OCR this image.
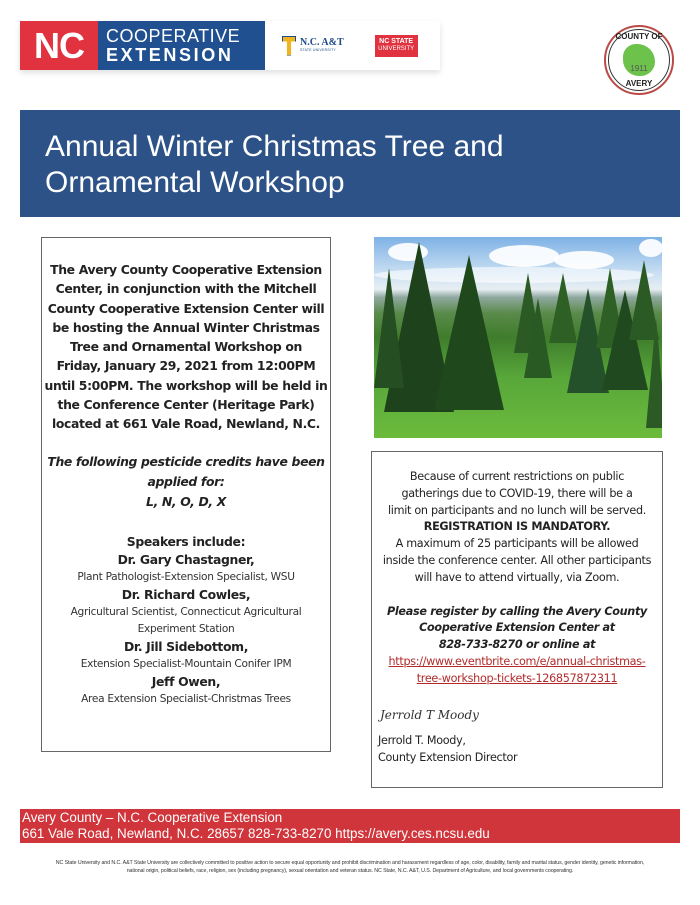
NC COOPERATIVE
EXTENSION
N.C. A&T
STATE UNIVERSITY
NC STATE
UNIVERSITY
COUNTY OF
1911
AVERY
Annual Winter Christmas Tree and
Ornamental Workshop
The Avery County Cooperative Extension
Center, in conjunction with the Mitchell
County Cooperative Extension Center will
be hosting the Annual Winter Christmas
Tree and Ornamental Workshop on
Friday, January 29, 2021 from 12:00PM
until 5:00PM. The workshop will be held in
the Conference Center (Heritage Park)
located at 661 Vale Road, Newland, N.C.
The following pesticide credits have been
applied for:
L, N, O, D, X
Speakers include:
Dr. Gary Chastagner,
Plant Pathologist-Extension Specialist, WSU
Dr. Richard Cowles,
Agricultural Scientist, Connecticut Agricultural
Experiment Station
Dr. Jill Sidebottom,
Extension Specialist-Mountain Conifer IPM
Jeff Owen,
Area Extension Specialist-Christmas Trees
Because of current restrictions on public
gatherings due to COVID-19, there will be a
limit on participants and no lunch will be served.
REGISTRATION IS MANDATORY.
A maximum of 25 participants will be allowed
inside the conference center. All other participants
will have to attend virtually, via Zoom.
Please register by calling the Avery County
Cooperative Extension Center at
828-733-8270 or online at
https://www.eventbrite.com/e/annual-christmas-
tree-workshop-tickets-126857872311
Jerrold T Moody
Jerrold T. Moody,
County Extension Director
Avery County – N.C. Cooperative Extension
661 Vale Road, Newland, N.C. 28657 828-733-8270 https://avery.ces.ncsu.edu
NC State University and N.C. A&T State University are collectively committed to positive action to secure equal opportunity and prohibit discrimination and harassment regardless of age, color, disability, family and marital status, gender identity, genetic information,
national origin, political beliefs, race, religion, sex (including pregnancy), sexual orientation and veteran status. NC State, N.C. A&T, U.S. Department of Agriculture, and local governments cooperating.
